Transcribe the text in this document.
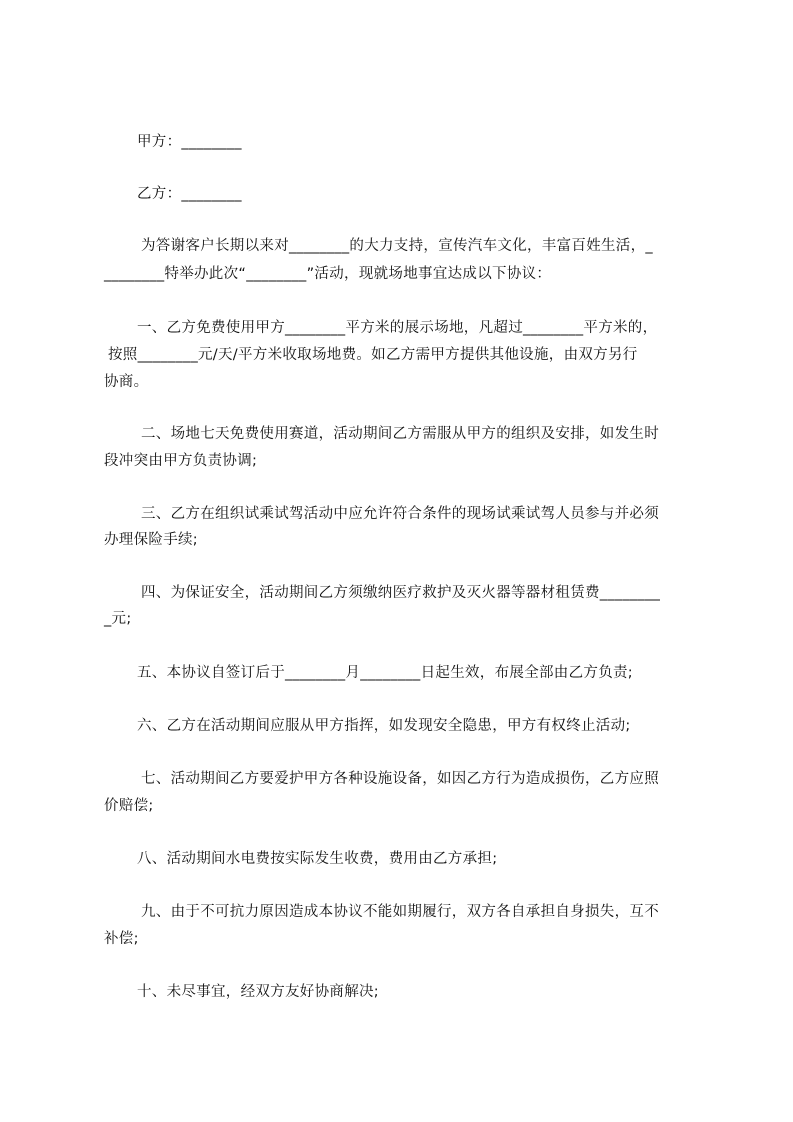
甲方：________
乙方：________
为答谢客户长期以来对________的大力支持，宣传汽车文化，丰富百姓生活，_
________特举办此次“________”活动，现就场地事宜达成以下协议：
一、乙方免费使用甲方________平方米的展示场地，凡超过________平方米的，
按照________元/天/平方米收取场地费。如乙方需甲方提供其他设施，由双方另行
协商。
二、场地七天免费使用赛道，活动期间乙方需服从甲方的组织及安排，如发生时
段冲突由甲方负责协调;
三、乙方在组织试乘试驾活动中应允许符合条件的现场试乘试驾人员参与并必须
办理保险手续;
四、为保证安全，活动期间乙方须缴纳医疗救护及灭火器等器材租赁费________
_元;
五、本协议自签订后于________月________日起生效，布展全部由乙方负责;
六、乙方在活动期间应服从甲方指挥，如发现安全隐患，甲方有权终止活动;
七、活动期间乙方要爱护甲方各种设施设备，如因乙方行为造成损伤，乙方应照
价赔偿;
八、活动期间水电费按实际发生收费，费用由乙方承担;
九、由于不可抗力原因造成本协议不能如期履行，双方各自承担自身损失，互不
补偿;
十、未尽事宜，经双方友好协商解决;
